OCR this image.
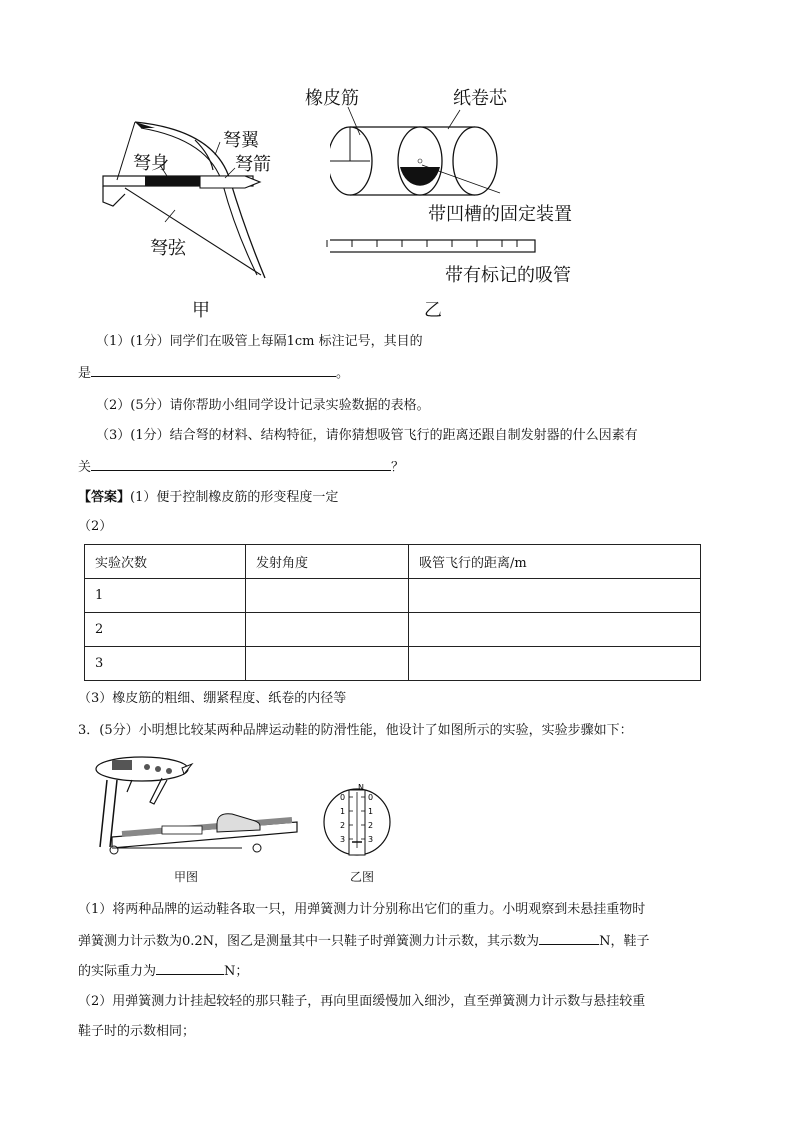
弩翼
弩身	弩箭
弩弦
甲
橡皮筋	纸卷芯
带凹槽的固定装置
带有标记的吸管
乙
（1）(1分）同学们在吸管上每隔1cm 标注记号，其目的
是	。
（2）(5分）请你帮助小组同学设计记录实验数据的表格。
（3）(1分）结合弩的材料、结构特征，请你猜想吸管飞行的距离还跟自制发射器的什么因素有
关	？
【答案】(1）便于控制橡皮筋的形变程度一定
（2）
实验次数	发射角度	吸管飞行的距离/m
1		
2		
3		
（3）橡皮筋的粗细、绷紧程度、纸卷的内径等
3．(5分）小明想比较某两种品牌运动鞋的防滑性能，他设计了如图所示的实验，实验步骤如下：
N
0
1
2
3
0
1
2
3
甲图	乙图
（1）将两种品牌的运动鞋各取一只，用弹簧测力计分别称出它们的重力。小明观察到未悬挂重物时
弹簧测力计示数为0.2N，图乙是测量其中一只鞋子时弹簧测力计示数，其示数为	N，鞋子
的实际重力为	N；
（2）用弹簧测力计挂起较轻的那只鞋子，再向里面缓慢加入细沙，直至弹簧测力计示数与悬挂较重
鞋子时的示数相同；
